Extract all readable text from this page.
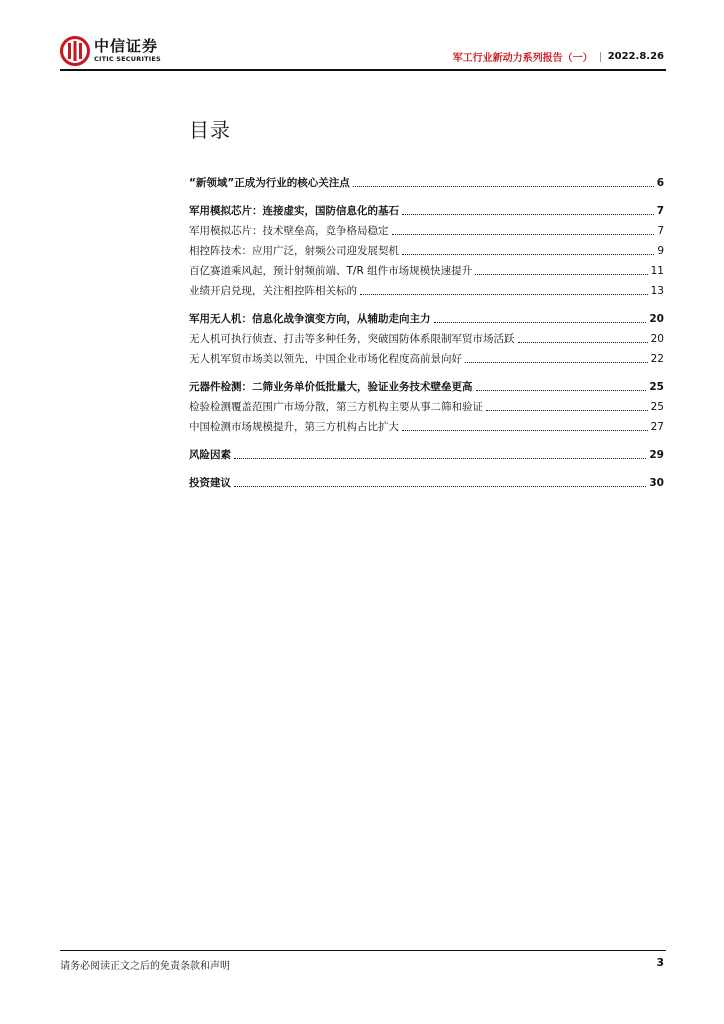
中信证券
CITIC SECURITIES	军工行业新动力系列报告（一） 2022.8.26
目录
“新领域”正成为行业的核心关注点	6
军用模拟芯片：连接虚实，国防信息化的基石	7
军用模拟芯片：技术壁垒高，竞争格局稳定	7
相控阵技术：应用广泛，射频公司迎发展契机	9
百亿赛道乘风起，预计射频前端、T/R 组件市场规模快速提升	11
业绩开启兑现，关注相控阵相关标的	13
军用无人机：信息化战争演变方向，从辅助走向主力	20
无人机可执行侦查、打击等多种任务，突破国防体系限制军贸市场活跃	20
无人机军贸市场美以领先，中国企业市场化程度高前景向好	22
元器件检测：二筛业务单价低批量大，验证业务技术壁垒更高	25
检验检测覆盖范围广市场分散，第三方机构主要从事二筛和验证	25
中国检测市场规模提升，第三方机构占比扩大	27
风险因素	29
投资建议	30
请务必阅读正文之后的免责条款和声明	3
